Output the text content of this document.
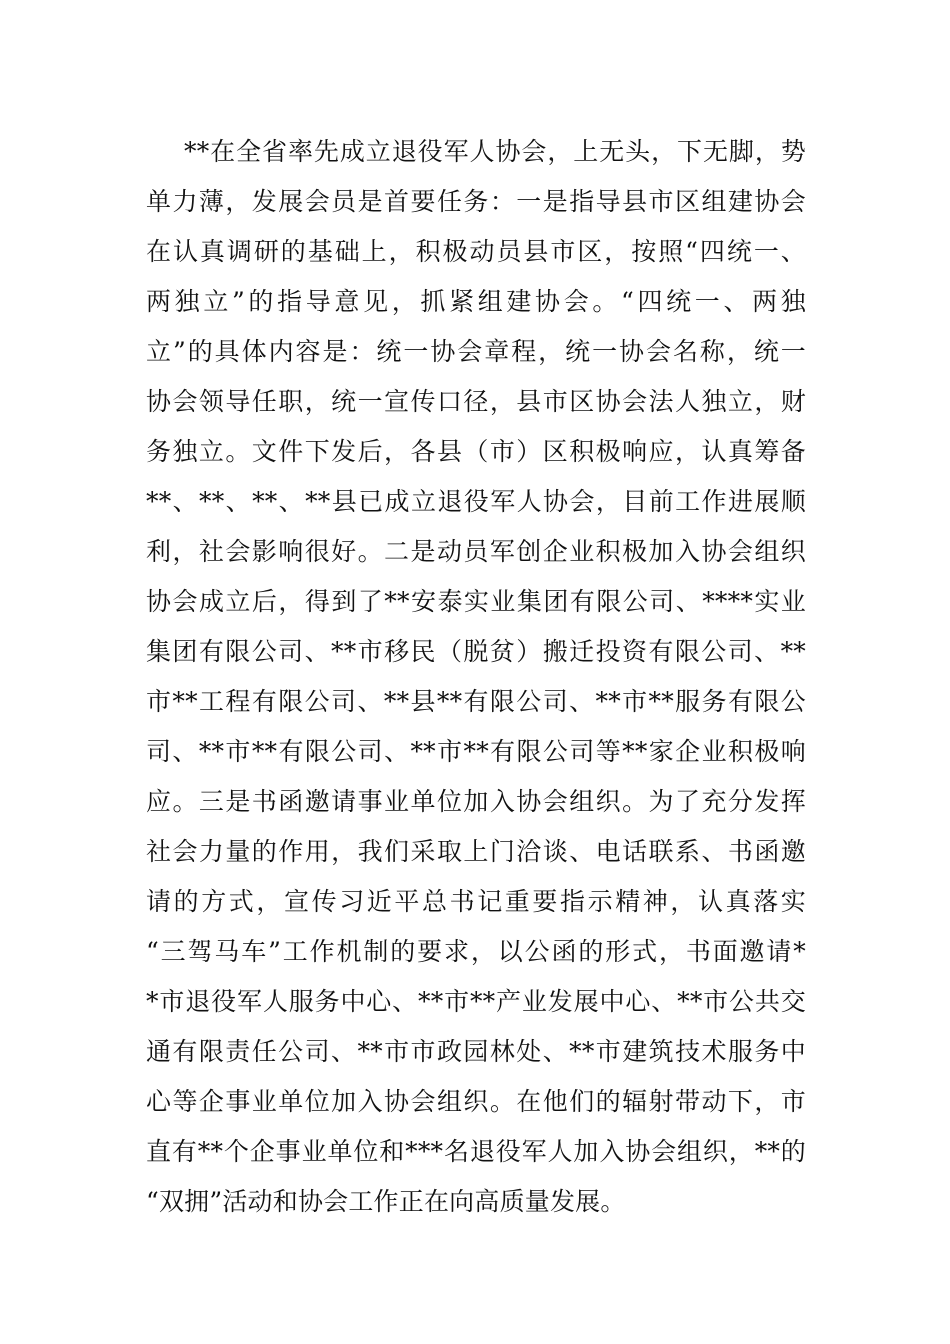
**在全省率先成立退役军人协会，上无头，下无脚，势
单力薄，发展会员是首要任务：一是指导县市区组建协会
在认真调研的基础上，积极动员县市区，按照“四统一、
两独立”的指导意见，抓紧组建协会。“四统一、两独
立”的具体内容是：统一协会章程，统一协会名称，统一
协会领导任职，统一宣传口径，县市区协会法人独立，财
务独立。文件下发后，各县（市）区积极响应，认真筹备
**、**、**、**县已成立退役军人协会，目前工作进展顺
利，社会影响很好。二是动员军创企业积极加入协会组织
协会成立后，得到了**安泰实业集团有限公司、****实业
集团有限公司、**市移民（脱贫）搬迁投资有限公司、**
市**工程有限公司、**县**有限公司、**市**服务有限公
司、**市**有限公司、**市**有限公司等**家企业积极响
应。三是书函邀请事业单位加入协会组织。为了充分发挥
社会力量的作用，我们采取上门洽谈、电话联系、书函邀
请的方式，宣传习近平总书记重要指示精神，认真落实
“三驾马车”工作机制的要求，以公函的形式，书面邀请*
*市退役军人服务中心、**市**产业发展中心、**市公共交
通有限责任公司、**市市政园林处、**市建筑技术服务中
心等企事业单位加入协会组织。在他们的辐射带动下，市
直有**个企事业单位和***名退役军人加入协会组织，**的
“双拥”活动和协会工作正在向高质量发展。
